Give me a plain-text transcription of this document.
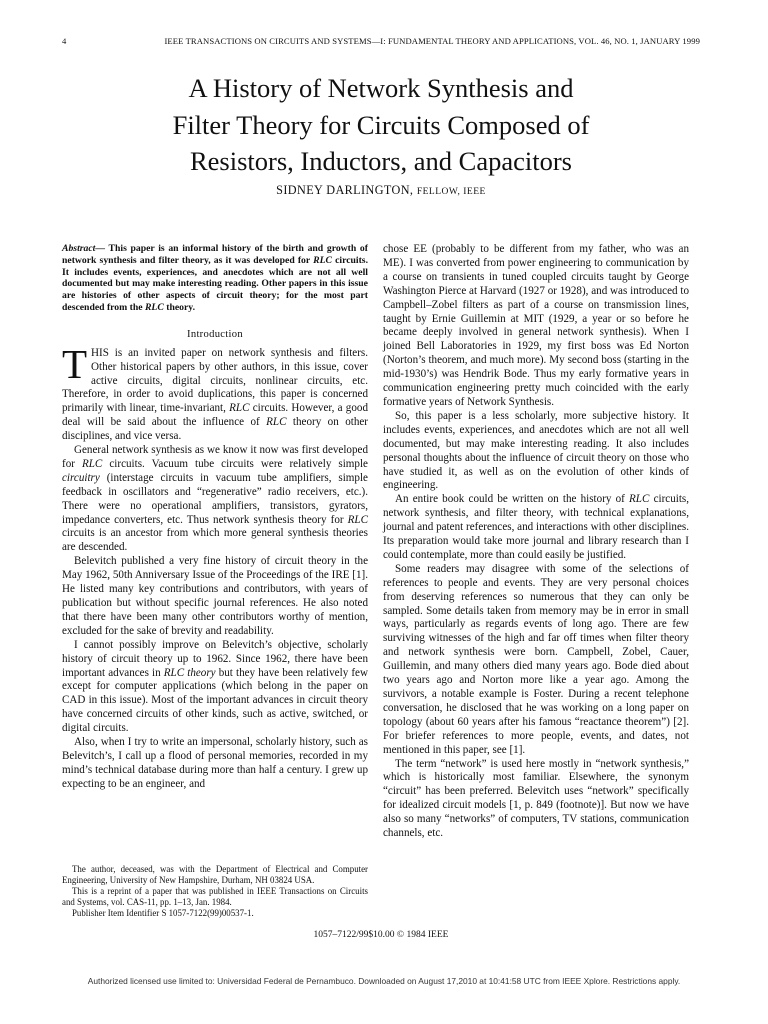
4	IEEE TRANSACTIONS ON CIRCUITS AND SYSTEMS—I: FUNDAMENTAL THEORY AND APPLICATIONS, VOL. 46, NO. 1, JANUARY 1999
A History of Network Synthesis and
Filter Theory for Circuits Composed of
Resistors, Inductors, and Capacitors
SIDNEY DARLINGTON, FELLOW, IEEE

Abstract— This paper is an informal history of the birth and growth of network synthesis and filter theory, as it was developed for RLC circuits. It includes events, experiences, and anecdotes which are not all well documented but may make interesting reading. Other papers in this issue are histories of other aspects of circuit theory; for the most part descended from the RLC theory.

Introduction

THIS is an invited paper on network synthesis and filters. Other historical papers by other authors, in this issue, cover active circuits, digital circuits, nonlinear circuits, etc. Therefore, in order to avoid duplications, this paper is concerned primarily with linear, time-invariant, RLC circuits. However, a good deal will be said about the influence of RLC theory on other disciplines, and vice versa.

General network synthesis as we know it now was first developed for RLC circuits. Vacuum tube circuits were relatively simple circuitry (interstage circuits in vacuum tube amplifiers, simple feedback in oscillators and “regenerative” radio receivers, etc.). There were no operational amplifiers, transistors, gyrators, impedance converters, etc. Thus network synthesis theory for RLC circuits is an ancestor from which more general synthesis theories are descended.

Belevitch published a very fine history of circuit theory in the May 1962, 50th Anniversary Issue of the Proceedings of the IRE [1]. He listed many key contributions and contributors, with years of publication but without specific journal references. He also noted that there have been many other contributors worthy of mention, excluded for the sake of brevity and readability.

I cannot possibly improve on Belevitch’s objective, scholarly history of circuit theory up to 1962. Since 1962, there have been important advances in RLC theory but they have been relatively few except for computer applications (which belong in the paper on CAD in this issue). Most of the important advances in circuit theory have concerned circuits of other kinds, such as active, switched, or digital circuits.

Also, when I try to write an impersonal, scholarly history, such as Belevitch’s, I call up a flood of personal memories, recorded in my mind’s technical database during more than half a century. I grew up expecting to be an engineer, and

chose EE (probably to be different from my father, who was an ME). I was converted from power engineering to communication by a course on transients in tuned coupled circuits taught by George Washington Pierce at Harvard (1927 or 1928), and was introduced to Campbell–Zobel filters as part of a course on transmission lines, taught by Ernie Guillemin at MIT (1929, a year or so before he became deeply involved in general network synthesis). When I joined Bell Laboratories in 1929, my first boss was Ed Norton (Norton’s theorem, and much more). My second boss (starting in the mid-1930’s) was Hendrik Bode. Thus my early formative years in communication engineering pretty much coincided with the early formative years of Network Synthesis.

So, this paper is a less scholarly, more subjective history. It includes events, experiences, and anecdotes which are not all well documented, but may make interesting reading. It also includes personal thoughts about the influence of circuit theory on those who have studied it, as well as on the evolution of other kinds of engineering.

An entire book could be written on the history of RLC circuits, network synthesis, and filter theory, with technical explanations, journal and patent references, and interactions with other disciplines. Its preparation would take more journal and library research than I could contemplate, more than could easily be justified.

Some readers may disagree with some of the selections of references to people and events. They are very personal choices from deserving references so numerous that they can only be sampled. Some details taken from memory may be in error in small ways, particularly as regards events of long ago. There are few surviving witnesses of the high and far off times when filter theory and network synthesis were born. Campbell, Zobel, Cauer, Guillemin, and many others died many years ago. Bode died about two years ago and Norton more like a year ago. Among the survivors, a notable example is Foster. During a recent telephone conversation, he disclosed that he was working on a long paper on topology (about 60 years after his famous “reactance theorem”) [2]. For briefer references to more people, events, and dates, not mentioned in this paper, see [1].

The term “network” is used here mostly in “network synthesis,” which is historically most familiar. Elsewhere, the synonym “circuit” has been preferred. Belevitch uses “network” specifically for idealized circuit models [1, p. 849 (footnote)]. But now we have also so many “networks” of computers, TV stations, communication channels, etc.

The author, deceased, was with the Department of Electrical and Computer Engineering, University of New Hampshire, Durham, NH 03824 USA.

This is a reprint of a paper that was published in IEEE Transactions on Circuits and Systems, vol. CAS-11, pp. 1–13, Jan. 1984.

Publisher Item Identifier S 1057-7122(99)00537-1.

1057–7122/99$10.00 © 1984 IEEE
Authorized licensed use limited to: Universidad Federal de Pernambuco. Downloaded on August 17,2010 at 10:41:58 UTC from IEEE Xplore. Restrictions apply.
